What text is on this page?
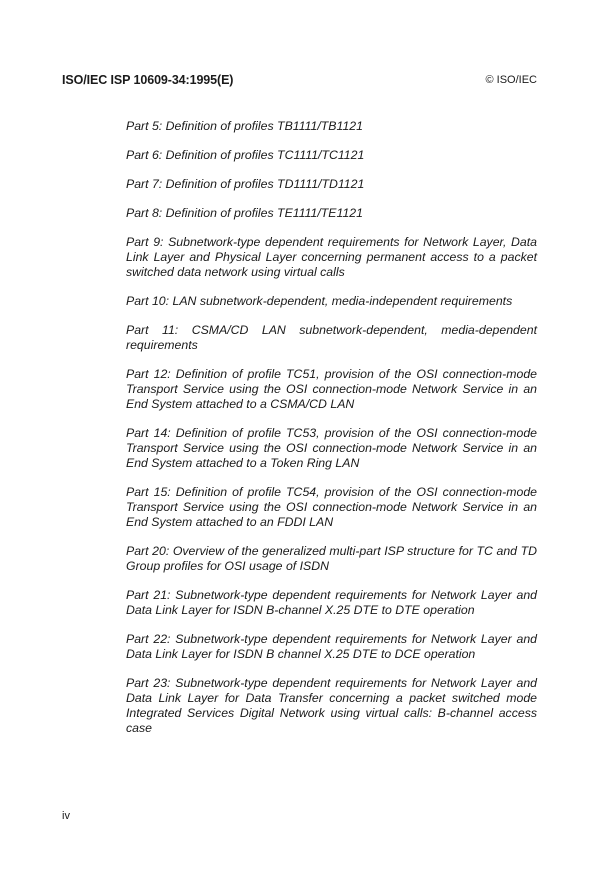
ISO/IEC ISP 10609-34:1995(E)	© ISO/IEC

Part 5: Definition of profiles TB1111/TB1121

Part 6: Definition of profiles TC1111/TC1121

Part 7: Definition of profiles TD1111/TD1121

Part 8: Definition of profiles TE1111/TE1121

Part 9: Subnetwork-type dependent requirements for Network Layer, Data Link Layer and Physical Layer concerning permanent access to a packet switched data network using virtual calls

Part 10: LAN subnetwork-dependent, media-independent requirements

Part 11: CSMA/CD LAN subnetwork-dependent, media-dependent requirements

Part 12: Definition of profile TC51, provision of the OSI connection-mode Transport Service using the OSI connection-mode Network Service in an End System attached to a CSMA/CD LAN

Part 14: Definition of profile TC53, provision of the OSI connection-mode Transport Service using the OSI connection-mode Network Service in an End System attached to a Token Ring LAN

Part 15: Definition of profile TC54, provision of the OSI connection-mode Transport Service using the OSI connection-mode Network Service in an End System attached to an FDDI LAN

Part 20: Overview of the generalized multi-part ISP structure for TC and TD Group profiles for OSI usage of ISDN

Part 21: Subnetwork-type dependent requirements for Network Layer and Data Link Layer for ISDN B-channel X.25 DTE to DTE operation

Part 22: Subnetwork-type dependent requirements for Network Layer and Data Link Layer for ISDN B channel X.25 DTE to DCE operation

Part 23: Subnetwork-type dependent requirements for Network Layer and Data Link Layer for Data Transfer concerning a packet switched mode Integrated Services Digital Network using virtual calls: B-channel access case

iv
